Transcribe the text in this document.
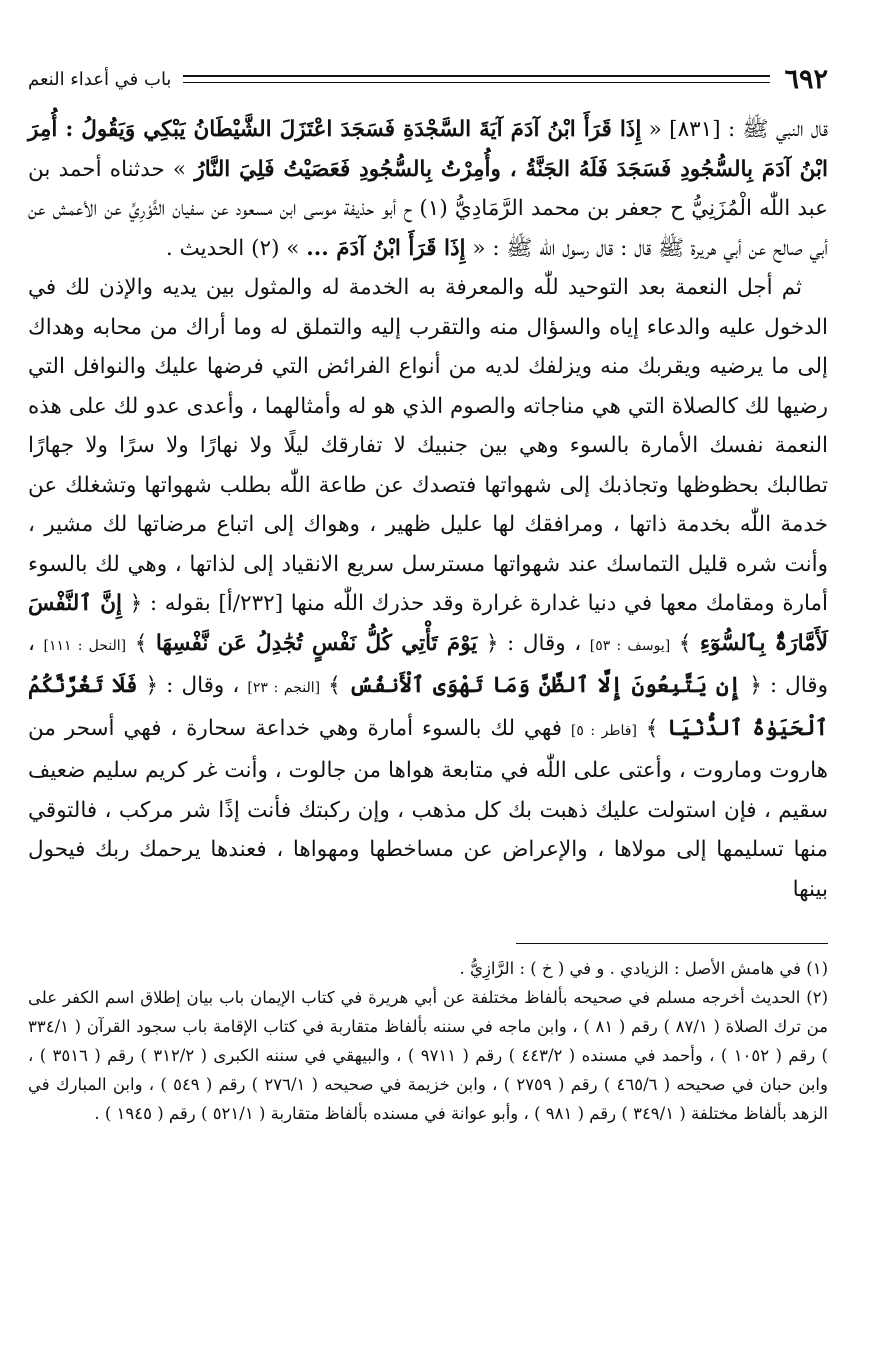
٦٩٢
باب في أعداء النعم

قال النبي ﷺ : [٨٣١] « إِذَا قَرَأَ ابْنُ آدَمَ آيَةَ السَّجْدَةِ فَسَجَدَ اعْتَزَلَ الشَّيْطَانُ يَبْكِي وَيَقُولُ : أُمِرَ ابْنُ آدَمَ بِالسُّجُودِ فَسَجَدَ فَلَهُ الجَنَّةُ ، وأُمِرْتُ بِالسُّجُودِ فَعَصَيْتُ فَلِيَ النَّارُ » حدثناه أحمد بن عبد اللّٰه الْمُزَنِيُّ ح جعفر بن محمد الرَّمَادِيُّ (١) ح أبو حذيفة موسى ابن مسعود عن سفيان الثَّوْرِيِّ عن الأعمش عن أبي صالح عن أبي هريرة ﷺ قال : قال رسول اللّٰه ﷺ : « إِذَا قَرَأَ ابْنُ آدَمَ ... » (٢) الحديث .

ثم أجل النعمة بعد التوحيد للّٰه والمعرفة به الخدمة له والمثول بين يديه والإذن لك في الدخول عليه والدعاء إياه والسؤال منه والتقرب إليه والتملق له وما أراك من محابه وهداك إلى ما يرضيه ويقربك منه ويزلفك لديه من أنواع الفرائض التي فرضها عليك والنوافل التي رضيها لك كالصلاة التي هي مناجاته والصوم الذي هو له وأمثالهما ، وأعدى عدو لك على هذه النعمة نفسك الأمارة بالسوء وهي بين جنبيك لا تفارقك ليلًا ولا نهارًا ولا سرًا ولا جهارًا تطالبك بحظوظها وتجاذبك إلى شهواتها فتصدك عن طاعة اللّٰه بطلب شهواتها وتشغلك عن خدمة اللّٰه بخدمة ذاتها ، ومرافقك لها عليل ظهير ، وهواك إلى اتباع مرضاتها لك مشير ، وأنت شره قليل التماسك عند شهواتها مسترسل سريع الانقياد إلى لذاتها ، وهي لك بالسوء أمارة ومقامك معها في دنيا غدارة غرارة وقد حذرك اللّٰه منها [٢٣٢/أ] بقوله : ﴿ إِنَّ ٱلنَّفْسَ لَأَمَّارَةٌۢ بِٱلسُّوٓءِ ﴾ [يوسف : ٥٣] ، وقال : ﴿ يَوْمَ تَأْتِي كُلُّ نَفْسٍ تُجَٰدِلُ عَن نَّفْسِهَا ﴾ [النحل : ١١١] ، وقال : ﴿ إِن يَتَّبِعُونَ إِلَّا ٱلظَّنَّ وَمَا تَهْوَى ٱلْأَنفُسُ ﴾ [النجم : ٢٣] ، وقال : ﴿ فَلَا تَغُرَّنَّكُمُ ٱلْحَيَوٰةُ ٱلدُّنْيَا ﴾ [فاطر : ٥] فهي لك بالسوء أمارة وهي خداعة سحارة ، فهي أسحر من هاروت وماروت ، وأعتى على اللّٰه في متابعة هواها من جالوت ، وأنت غر كريم سليم ضعيف سقيم ، فإن استولت عليك ذهبت بك كل مذهب ، وإن ركبتك فأنت إذًا شر مركب ، فالتوقي منها تسليمها إلى مولاها ، والإعراض عن مساخطها ومهواها ، فعندها يرحمك ربك فيحول بينها

(١) في هامش الأصل : الزيادي . و في ( خ ) : الرَّازِيُّ .

(٢) الحديث أخرجه مسلم في صحيحه بألفاظ مختلفة عن أبي هريرة في كتاب الإيمان باب بيان إطلاق اسم الكفر على من ترك الصلاة ( ٨٧/١ ) رقم ( ٨١ ) ، وابن ماجه في سننه بألفاظ متقاربة في كتاب الإقامة باب سجود القرآن ( ٣٣٤/١ ) رقم ( ١٠٥٢ ) ، وأحمد في مسنده ( ٤٤٣/٢ ) رقم ( ٩٧١١ ) ، والبيهقي في سننه الكبرى ( ٣١٢/٢ ) رقم ( ٣٥١٦ ) ، وابن حبان في صحيحه ( ٤٦٥/٦ ) رقم ( ٢٧٥٩ ) ، وابن خزيمة في صحيحه ( ٢٧٦/١ ) رقم ( ٥٤٩ ) ، وابن المبارك في الزهد بألفاظ مختلفة ( ٣٤٩/١ ) رقم ( ٩٨١ ) ، وأبو عوانة في مسنده بألفاظ متقاربة ( ٥٢١/١ ) رقم ( ١٩٤٥ ) .
